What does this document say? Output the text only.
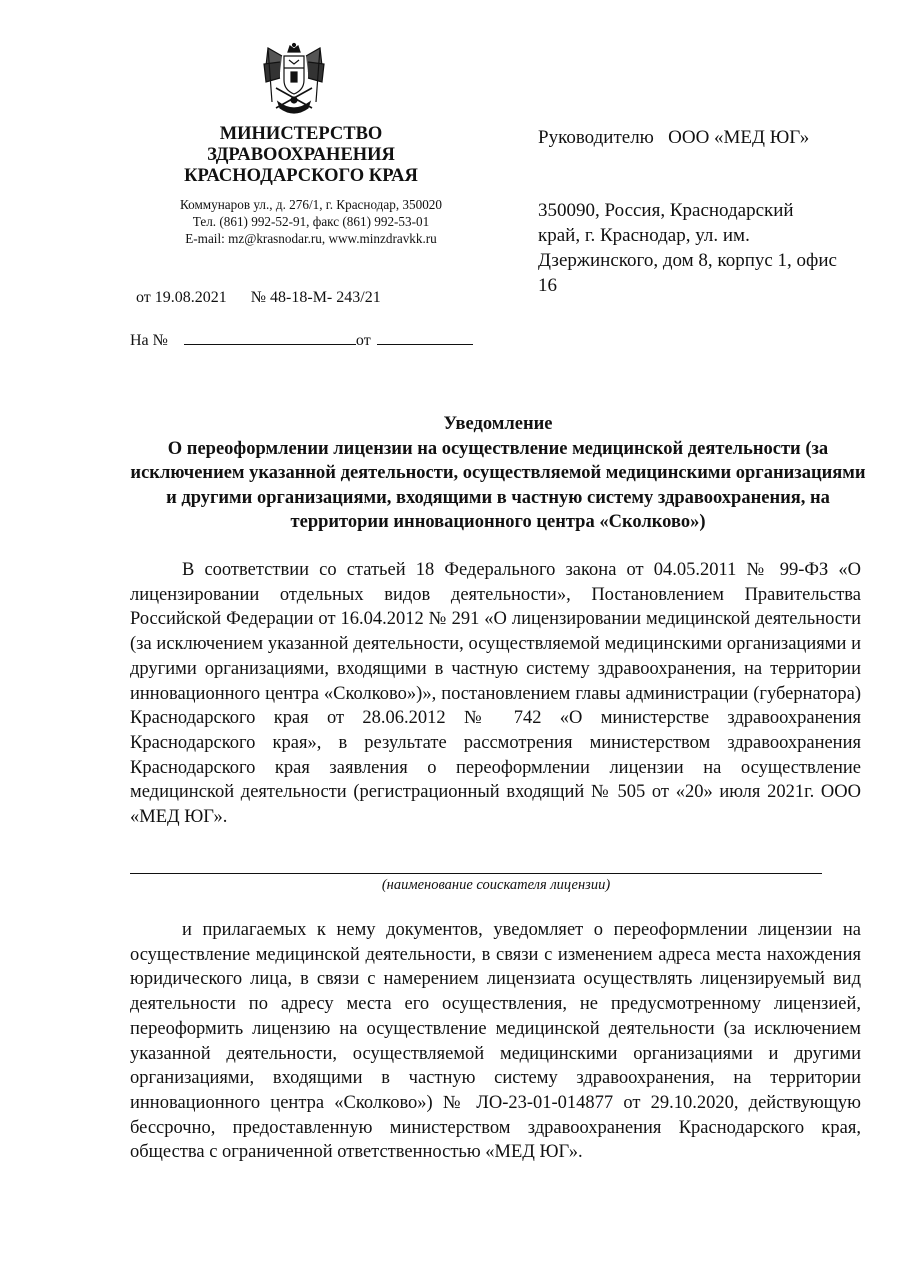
МИНИСТЕРСТВО
ЗДРАВООХРАНЕНИЯ
КРАСНОДАРСКОГО КРАЯ
Коммунаров ул., д. 276/1, г. Краснодар, 350020
Тел. (861) 992-52-91, факс (861) 992-53-01
E-mail: mz@krasnodar.ru, www.minzdravkk.ru
Руководителю   ООО «МЕД ЮГ»
350090, Россия, Краснодарский край, г. Краснодар, ул. им. Дзержинского, дом 8, корпус 1, офис 16
от 19.08.2021 № 48-18-М- 243/21
На №	от
Уведомление
О переоформлении лицензии на осуществление медицинской деятельности (за исключением указанной деятельности, осуществляемой медицинскими организациями и другими организациями, входящими в частную систему здравоохранения, на территории инновационного центра «Сколково»)
В соответствии со статьей 18 Федерального закона от 04.05.2011 № 99-ФЗ «О лицензировании отдельных видов деятельности», Постановлением Правительства Российской Федерации от 16.04.2012 № 291 «О лицензировании медицинской деятельности (за исключением указанной деятельности, осуществляемой медицинскими организациями и другими организациями, входящими в частную систему здравоохранения, на территории инновационного центра «Сколково»)», постановлением главы администрации (губернатора) Краснодарского края от 28.06.2012 № 742 «О министерстве здравоохранения Краснодарского края», в результате рассмотрения министерством здравоохранения Краснодарского края заявления о переоформлении лицензии на осуществление медицинской деятельности (регистрационный входящий № 505 от «20» июля 2021г. ООО «МЕД ЮГ».
(наименование соискателя лицензии)
и прилагаемых к нему документов, уведомляет о переоформлении лицензии на осуществление медицинской деятельности, в связи с изменением адреса места нахождения юридического лица, в связи с намерением лицензиата осуществлять лицензируемый вид деятельности по адресу места его осуществления, не предусмотренному лицензией, переоформить лицензию на осуществление медицинской деятельности (за исключением указанной деятельности, осуществляемой медицинскими организациями и другими организациями, входящими в частную систему здравоохранения, на территории инновационного центра «Сколково») № ЛО-23-01-014877 от 29.10.2020, действующую бессрочно, предоставленную министерством здравоохранения Краснодарского края, общества с ограниченной ответственностью «МЕД ЮГ».
